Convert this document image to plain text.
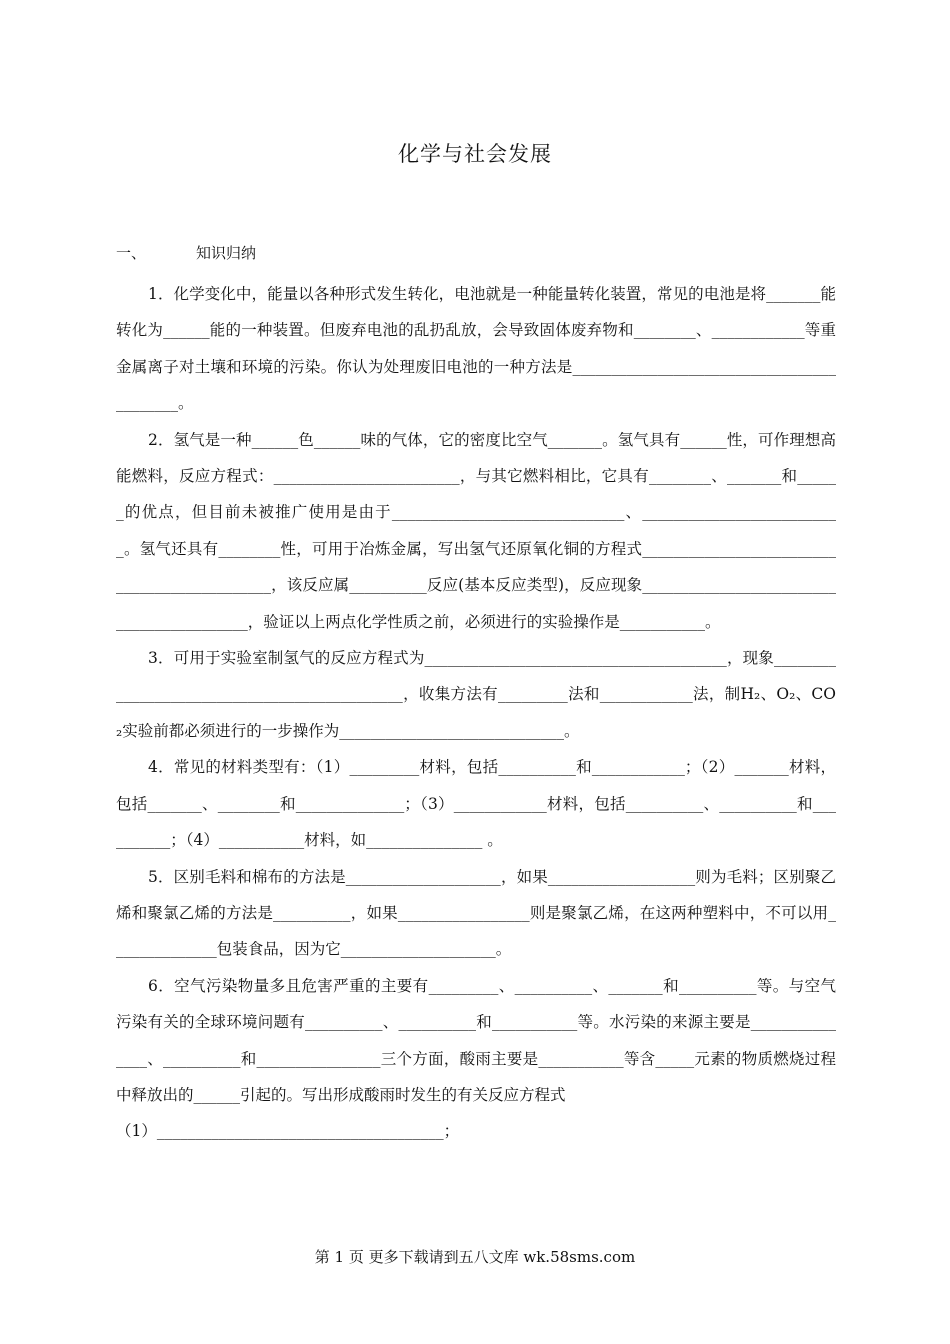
化学与社会发展
一、	知识归纳

1．化学变化中，能量以各种形式发生转化，电池就是一种能量转化装置，常见的电池是将_______能转化为______能的一种装置。但废弃电池的乱扔乱放，会导致固体废弃物和________、____________等重金属离子对土壤和环境的污染。你认为处理废旧电池的一种方法是__________________________________________。

2．氢气是一种______色______味的气体，它的密度比空气_______。氢气具有______性，可作理想高能燃料，反应方程式：________________________，与其它燃料相比，它具有________、_______和______的优点，但目前未被推广使用是由于______________________________、__________________________。氢气还具有________性，可用于冶炼金属，写出氢气还原氧化铜的方程式_____________________________________________，该反应属__________反应(基本反应类型)，反应现象__________________________________________，验证以上两点化学性质之前，必须进行的实验操作是___________。

3．可用于实验室制氢气的反应方程式为_______________________________________，现象_____________________________________________，收集方法有_________法和____________法，制H₂、O₂、CO₂实验前都必须进行的一步操作为_____________________________。

4．常见的材料类型有：（1）_________材料，包括__________和____________；（2）_______材料，包括_______、________和______________；（3）____________材料，包括__________、__________和__________；（4）___________材料，如_______________ 。

5．区别毛料和棉布的方法是____________________，如果___________________则为毛料；区别聚乙烯和聚氯乙烯的方法是__________，如果_________________则是聚氯乙烯，在这两种塑料中，不可以用______________包装食品，因为它____________________。

6．空气污染物量多且危害严重的主要有_________、__________、_______和__________等。与空气污染有关的全球环境问题有__________、__________和___________等。水污染的来源主要是_______________、__________和________________三个方面，酸雨主要是___________等含_____元素的物质燃烧过程中释放出的______引起的。写出形成酸雨时发生的有关反应方程式

（1）_____________________________________；

第 1 页 更多下载请到五八文库 wk.58sms.com
